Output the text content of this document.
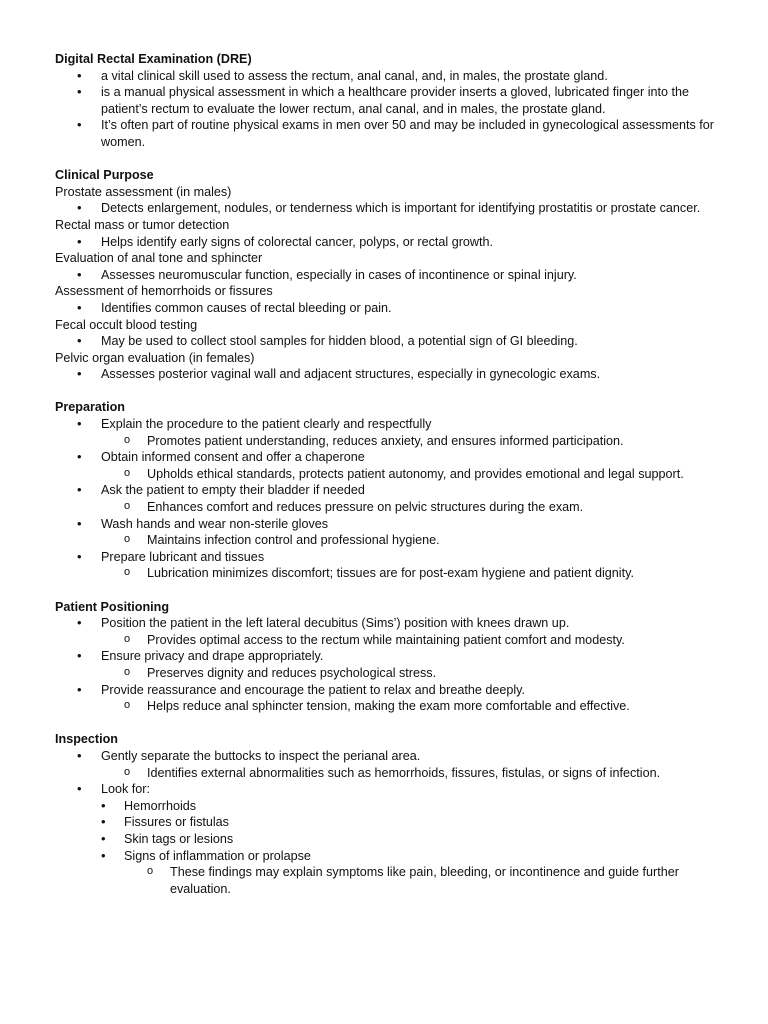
Digital Rectal Examination (DRE)
• a vital clinical skill used to assess the rectum, anal canal, and, in males, the prostate gland.
• is a manual physical assessment in which a healthcare provider inserts a gloved, lubricated finger into the patient’s rectum to evaluate the lower rectum, anal canal, and in males, the prostate gland.
• It’s often part of routine physical exams in men over 50 and may be included in gynecological assessments for women.
Clinical Purpose
Prostate assessment (in males)
• Detects enlargement, nodules, or tenderness which is important for identifying prostatitis or prostate cancer.
Rectal mass or tumor detection
• Helps identify early signs of colorectal cancer, polyps, or rectal growth.
Evaluation of anal tone and sphincter
• Assesses neuromuscular function, especially in cases of incontinence or spinal injury.
Assessment of hemorrhoids or fissures
• Identifies common causes of rectal bleeding or pain.
Fecal occult blood testing
• May be used to collect stool samples for hidden blood, a potential sign of GI bleeding.
Pelvic organ evaluation (in females)
• Assesses posterior vaginal wall and adjacent structures, especially in gynecologic exams.
Preparation
• Explain the procedure to the patient clearly and respectfully
o Promotes patient understanding, reduces anxiety, and ensures informed participation.
• Obtain informed consent and offer a chaperone
o Upholds ethical standards, protects patient autonomy, and provides emotional and legal support.
• Ask the patient to empty their bladder if needed
o Enhances comfort and reduces pressure on pelvic structures during the exam.
• Wash hands and wear non-sterile gloves
o Maintains infection control and professional hygiene.
• Prepare lubricant and tissues
o Lubrication minimizes discomfort; tissues are for post-exam hygiene and patient dignity.
Patient Positioning
• Position the patient in the left lateral decubitus (Sims’) position with knees drawn up.
o Provides optimal access to the rectum while maintaining patient comfort and modesty.
• Ensure privacy and drape appropriately.
o Preserves dignity and reduces psychological stress.
• Provide reassurance and encourage the patient to relax and breathe deeply.
o Helps reduce anal sphincter tension, making the exam more comfortable and effective.
Inspection
• Gently separate the buttocks to inspect the perianal area.
o Identifies external abnormalities such as hemorrhoids, fissures, fistulas, or signs of infection.
• Look for:
• Hemorrhoids
• Fissures or fistulas
• Skin tags or lesions
• Signs of inflammation or prolapse
o These findings may explain symptoms like pain, bleeding, or incontinence and guide further evaluation.
